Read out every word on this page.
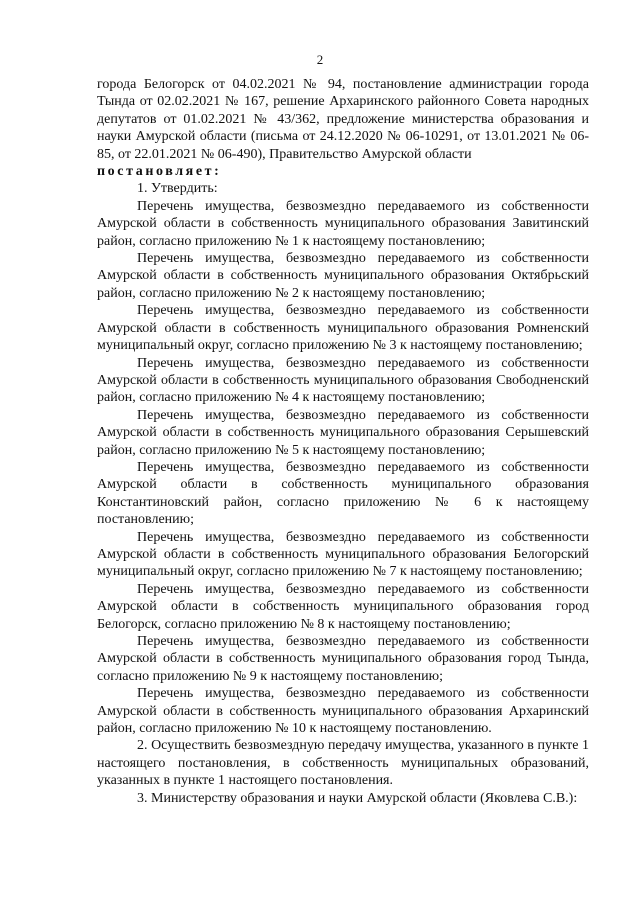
2

города Белогорск от 04.02.2021 № 94, постановление администрации города Тында от 02.02.2021 № 167, решение Архаринского районного Совета народных депутатов от 01.02.2021 № 43/362, предложение министерства образования и науки Амурской области (письма от 24.12.2020 № 06-10291, от 13.01.2021 № 06-85, от 22.01.2021 № 06-490), Правительство Амурской области

постановляет:

1. Утвердить:

Перечень имущества, безвозмездно передаваемого из собственности Амурской области в собственность муниципального образования Завитинский район, согласно приложению № 1 к настоящему постановлению;

Перечень имущества, безвозмездно передаваемого из собственности Амурской области в собственность муниципального образования Октябрьский район, согласно приложению № 2 к настоящему постановлению;

Перечень имущества, безвозмездно передаваемого из собственности Амурской области в собственность муниципального образования Ромненский муниципальный округ, согласно приложению № 3 к настоящему постановлению;

Перечень имущества, безвозмездно передаваемого из собственности Амурской области в собственность муниципального образования Свободненский район, согласно приложению № 4 к настоящему постановлению;

Перечень имущества, безвозмездно передаваемого из собственности Амурской области в собственность муниципального образования Серышевский район, согласно приложению № 5 к настоящему постановлению;

Перечень имущества, безвозмездно передаваемого из собственности Амурской области в собственность муниципального образования Константиновский район, согласно приложению № 6 к настоящему постановлению;

Перечень имущества, безвозмездно передаваемого из собственности Амурской области в собственность муниципального образования Белогорский муниципальный округ, согласно приложению № 7 к настоящему постановлению;

Перечень имущества, безвозмездно передаваемого из собственности Амурской области в собственность муниципального образования город Белогорск, согласно приложению № 8 к настоящему постановлению;

Перечень имущества, безвозмездно передаваемого из собственности Амурской области в собственность муниципального образования город Тында, согласно приложению № 9 к настоящему постановлению;

Перечень имущества, безвозмездно передаваемого из собственности Амурской области в собственность муниципального образования Архаринский район, согласно приложению № 10 к настоящему постановлению.

2. Осуществить безвозмездную передачу имущества, указанного в пункте 1 настоящего постановления, в собственность муниципальных образований, указанных в пункте 1 настоящего постановления.

3. Министерству образования и науки Амурской области (Яковлева С.В.):
